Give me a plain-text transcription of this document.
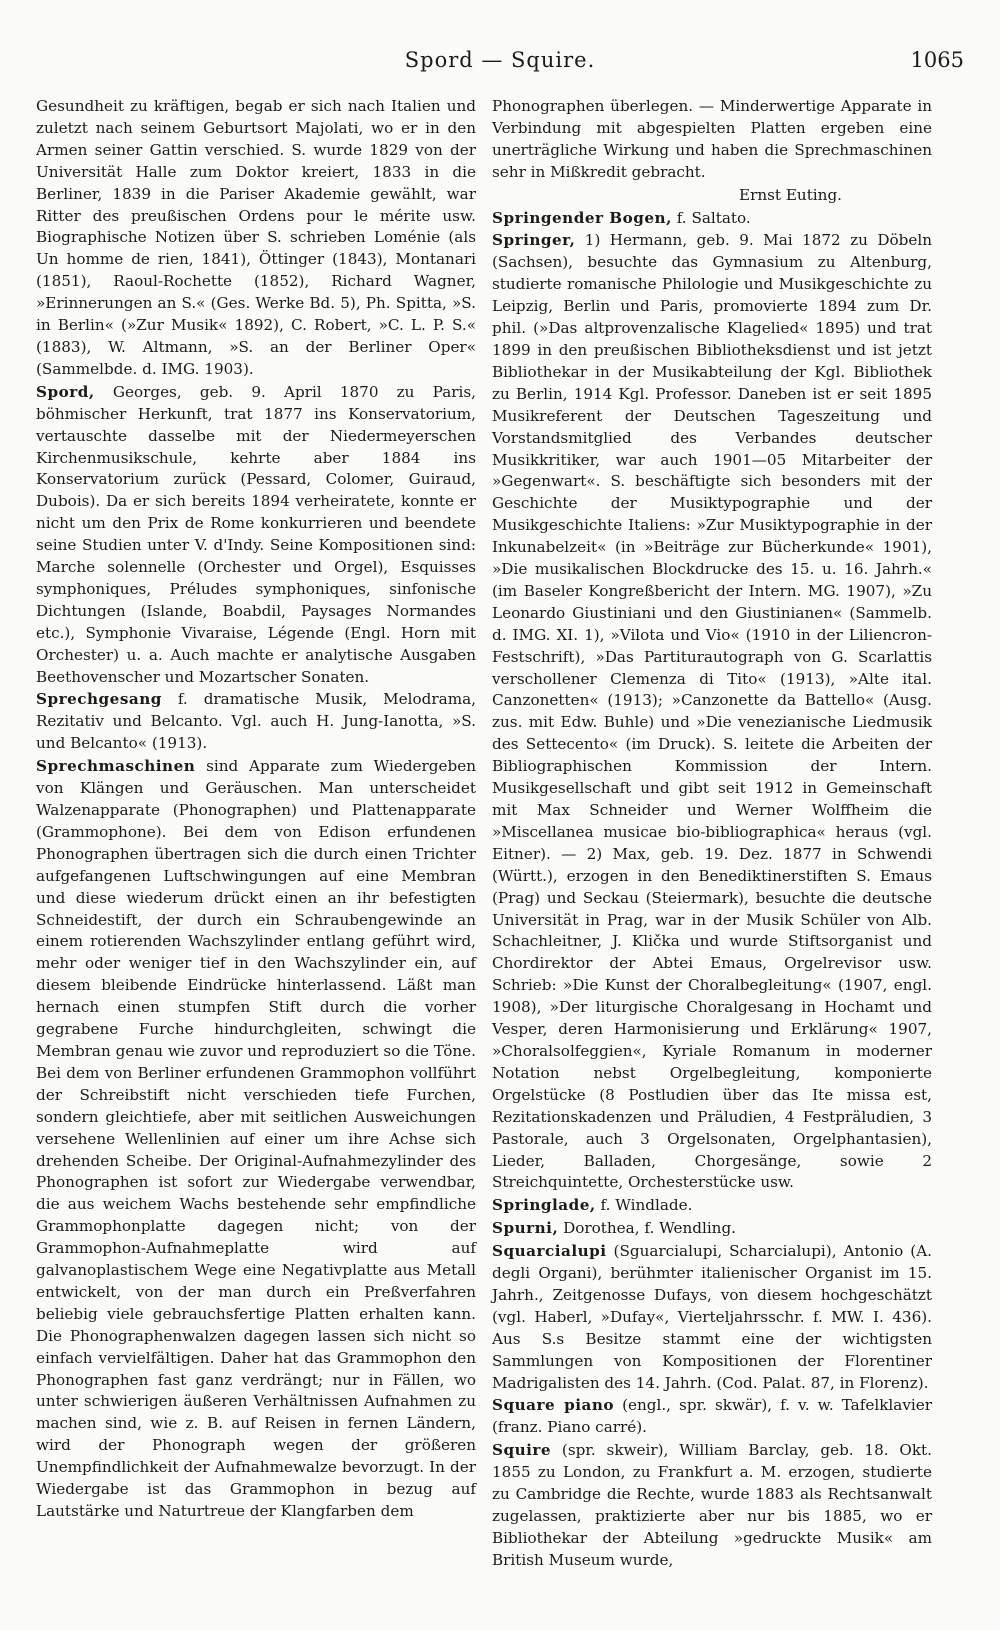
Spord — Squire.	1065

Gesundheit zu kräftigen, begab er sich nach Italien und zuletzt nach seinem Geburtsort Majolati, wo er in den Armen seiner Gattin verschied. S. wurde 1829 von der Universität Halle zum Doktor kreiert, 1833 in die Berliner, 1839 in die Pariser Akademie gewählt, war Ritter des preußischen Ordens pour le mérite usw. Biographische Notizen über S. schrieben Loménie (als Un homme de rien, 1841), Öttinger (1843), Montanari (1851), Raoul-Rochette (1852), Richard Wagner, »Erinnerungen an S.« (Ges. Werke Bd. 5), Ph. Spitta, »S. in Berlin« (»Zur Musik« 1892), C. Robert, »C. L. P. S.« (1883), W. Altmann, »S. an der Berliner Oper« (Sammelbde. d. IMG. 1903).

Spord, Georges, geb. 9. April 1870 zu Paris, böhmischer Herkunft, trat 1877 ins Konservatorium, vertauschte dasselbe mit der Niedermeyerschen Kirchenmusikschule, kehrte aber 1884 ins Konservatorium zurück (Pessard, Colomer, Guiraud, Dubois). Da er sich bereits 1894 verheiratete, konnte er nicht um den Prix de Rome konkurrieren und beendete seine Studien unter V. d'Indy. Seine Kompositionen sind: Marche solennelle (Orchester und Orgel), Esquisses symphoniques, Préludes symphoniques, sinfonische Dichtungen (Islande, Boabdil, Paysages Normandes etc.), Symphonie Vivaraise, Légende (Engl. Horn mit Orchester) u. a. Auch machte er analytische Ausgaben Beethovenscher und Mozartscher Sonaten.

Sprechgesang f. dramatische Musik, Melodrama, Rezitativ und Belcanto. Vgl. auch H. Jung-Ianotta, »S. und Belcanto« (1913).

Sprechmaschinen sind Apparate zum Wiedergeben von Klängen und Geräuschen. Man unterscheidet Walzenapparate (Phonographen) und Plattenapparate (Grammophone). Bei dem von Edison erfundenen Phonographen übertragen sich die durch einen Trichter aufgefangenen Luftschwingungen auf eine Membran und diese wiederum drückt einen an ihr befestigten Schneidestift, der durch ein Schraubengewinde an einem rotierenden Wachszylinder entlang geführt wird, mehr oder weniger tief in den Wachszylinder ein, auf diesem bleibende Eindrücke hinterlassend. Läßt man hernach einen stumpfen Stift durch die vorher gegrabene Furche hindurchgleiten, schwingt die Membran genau wie zuvor und reproduziert so die Töne. Bei dem von Berliner erfundenen Grammophon vollführt der Schreibstift nicht verschieden tiefe Furchen, sondern gleichtiefe, aber mit seitlichen Ausweichungen versehene Wellenlinien auf einer um ihre Achse sich drehenden Scheibe. Der Original-Aufnahmezylinder des Phonographen ist sofort zur Wiedergabe verwendbar, die aus weichem Wachs bestehende sehr empfindliche Grammophonplatte dagegen nicht; von der Grammophon-Aufnahmeplatte wird auf galvanoplastischem Wege eine Negativplatte aus Metall entwickelt, von der man durch ein Preßverfahren beliebig viele gebrauchsfertige Platten erhalten kann. Die Phonographenwalzen dagegen lassen sich nicht so einfach vervielfältigen. Daher hat das Grammophon den Phonographen fast ganz verdrängt; nur in Fällen, wo unter schwierigen äußeren Verhältnissen Aufnahmen zu machen sind, wie z. B. auf Reisen in fernen Ländern, wird der Phonograph wegen der größeren Unempfindlichkeit der Aufnahmewalze bevorzugt. In der Wiedergabe ist das Grammophon in bezug auf Lautstärke und Naturtreue der Klangfarben dem

Phonographen überlegen. — Minderwertige Apparate in Verbindung mit abgespielten Platten ergeben eine unerträgliche Wirkung und haben die Sprechmaschinen sehr in Mißkredit gebracht.

Ernst Euting.

Springender Bogen, f. Saltato.

Springer, 1) Hermann, geb. 9. Mai 1872 zu Döbeln (Sachsen), besuchte das Gymnasium zu Altenburg, studierte romanische Philologie und Musikgeschichte zu Leipzig, Berlin und Paris, promovierte 1894 zum Dr. phil. (»Das altprovenzalische Klagelied« 1895) und trat 1899 in den preußischen Bibliotheksdienst und ist jetzt Bibliothekar in der Musikabteilung der Kgl. Bibliothek zu Berlin, 1914 Kgl. Professor. Daneben ist er seit 1895 Musikreferent der Deutschen Tageszeitung und Vorstandsmitglied des Verbandes deutscher Musikkritiker, war auch 1901—05 Mitarbeiter der »Gegenwart«. S. beschäftigte sich besonders mit der Geschichte der Musiktypographie und der Musikgeschichte Italiens: »Zur Musiktypographie in der Inkunabelzeit« (in »Beiträge zur Bücherkunde« 1901), »Die musikalischen Blockdrucke des 15. u. 16. Jahrh.« (im Baseler Kongreßbericht der Intern. MG. 1907), »Zu Leonardo Giustiniani und den Giustinianen« (Sammelb. d. IMG. XI. 1), »Vilota und Vio« (1910 in der Liliencron-Festschrift), »Das Partiturautograph von G. Scarlattis verschollener Clemenza di Tito« (1913), »Alte ital. Canzonetten« (1913); »Canzonette da Battello« (Ausg. zus. mit Edw. Buhle) und »Die venezianische Liedmusik des Settecento« (im Druck). S. leitete die Arbeiten der Bibliographischen Kommission der Intern. Musikgesellschaft und gibt seit 1912 in Gemeinschaft mit Max Schneider und Werner Wolffheim die »Miscellanea musicae bio-bibliographica« heraus (vgl. Eitner). — 2) Max, geb. 19. Dez. 1877 in Schwendi (Württ.), erzogen in den Benediktinerstiften S. Emaus (Prag) und Seckau (Steiermark), besuchte die deutsche Universität in Prag, war in der Musik Schüler von Alb. Schachleitner, J. Klička und wurde Stiftsorganist und Chordirektor der Abtei Emaus, Orgelrevisor usw. Schrieb: »Die Kunst der Choralbegleitung« (1907, engl. 1908), »Der liturgische Choralgesang in Hochamt und Vesper, deren Harmonisierung und Erklärung« 1907, »Choralsolfeggien«, Kyriale Romanum in moderner Notation nebst Orgelbegleitung, komponierte Orgelstücke (8 Postludien über das Ite missa est, Rezitationskadenzen und Präludien, 4 Festpräludien, 3 Pastorale, auch 3 Orgelsonaten, Orgelphantasien), Lieder, Balladen, Chorgesänge, sowie 2 Streichquintette, Orchesterstücke usw.

Springlade, f. Windlade.

Spurni, Dorothea, f. Wendling.

Squarcialupi (Sguarcialupi, Scharcialupi), Antonio (A. degli Organi), berühmter italienischer Organist im 15. Jahrh., Zeitgenosse Dufays, von diesem hochgeschätzt (vgl. Haberl, »Dufay«, Vierteljahrsschr. f. MW. I. 436). Aus S.s Besitze stammt eine der wichtigsten Sammlungen von Kompositionen der Florentiner Madrigalisten des 14. Jahrh. (Cod. Palat. 87, in Florenz).

Square piano (engl., spr. skwär), f. v. w. Tafelklavier (franz. Piano carré).

Squire (spr. skweir), William Barclay, geb. 18. Okt. 1855 zu London, zu Frankfurt a. M. erzogen, studierte zu Cambridge die Rechte, wurde 1883 als Rechtsanwalt zugelassen, praktizierte aber nur bis 1885, wo er Bibliothekar der Abteilung »gedruckte Musik« am British Museum wurde,
